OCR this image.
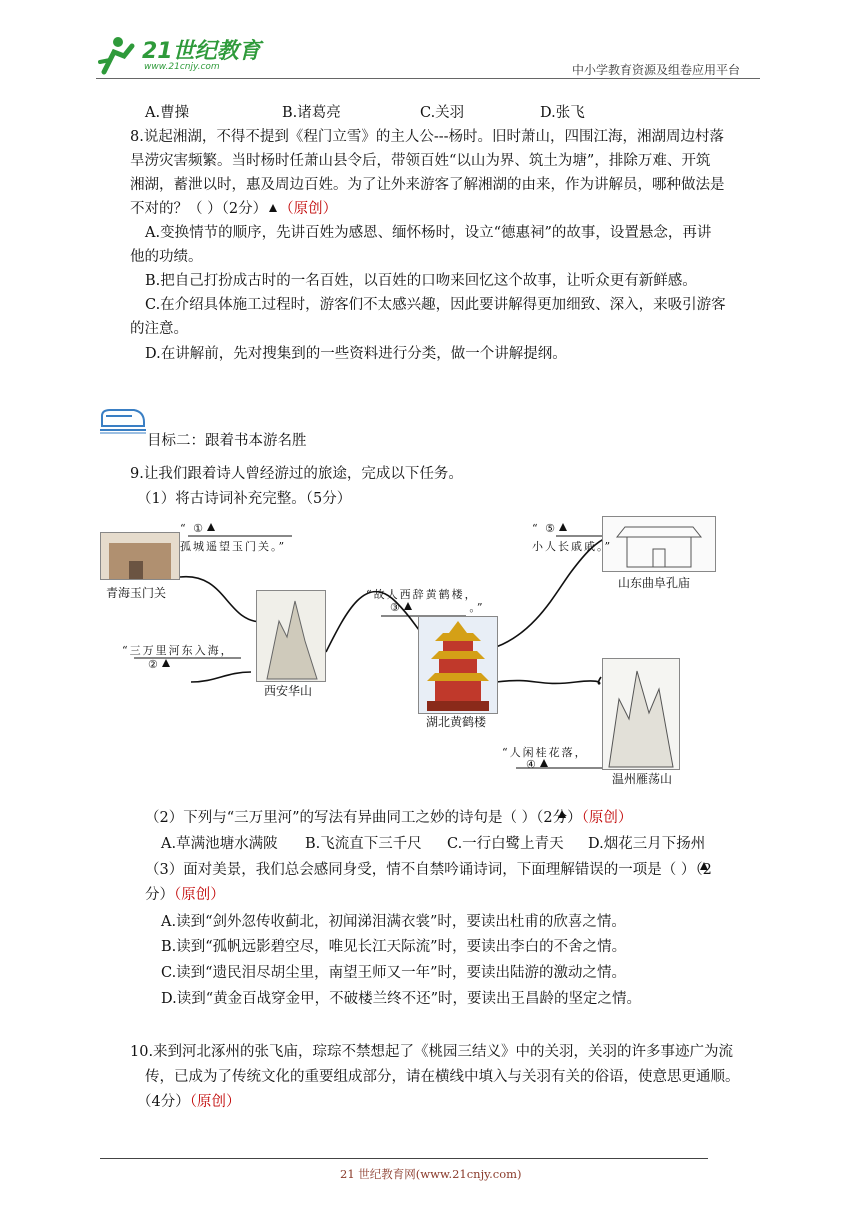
21世纪教育
www.21cnjy.com	中小学教育资源及组卷应用平台
A.曹操	B.诸葛亮	C.关羽	D.张飞
8.说起湘湖，不得不提到《程门立雪》的主人公---杨时。旧时萧山，四围江海，湘湖周边村落
旱涝灾害频繁。当时杨时任萧山县令后，带领百姓“以山为界、筑土为塘”，排除万难、开筑
湘湖，蓄泄以时，惠及周边百姓。为了让外来游客了解湘湖的由来，作为讲解员，哪种做法是
不对的？（ ）（2分） （原创）
A.变换情节的顺序，先讲百姓为感恩、缅怀杨时，设立“德惠祠”的故事，设置悬念，再讲
他的功绩。
B.把自己打扮成古时的一名百姓，以百姓的口吻来回忆这个故事，让听众更有新鲜感。
C.在介绍具体施工过程时，游客们不太感兴趣，因此要讲解得更加细致、深入，来吸引游客
的注意。
D.在讲解前，先对搜集到的一些资料进行分类，做一个讲解提纲。
目标二：跟着书本游名胜
9.让我们跟着诗人曾经游过的旅途，完成以下任务。
（1）将古诗词补充完整。（5分）
青海玉门关
“ ①
孤城遥望玉门关。”
西安华山
“三万里河东入海，
②
湖北黄鹤楼
“故人西辞黄鹤楼，
③	。”
山东曲阜孔庙
“ ⑤
小人长戚戚。”
温州雁荡山
“人闲桂花落，
④
（2）下列与“三万里河”的写法有异曲同工之妙的诗句是（ ）（2分）（原创）
A.草满池塘水满陂 B.飞流直下三千尺 C.一行白鹭上青天 D.烟花三月下扬州
（3）面对美景，我们总会感同身受，情不自禁吟诵诗词，下面理解错误的一项是（ ）（2
分）（原创）
A.读到“剑外忽传收蓟北，初闻涕泪满衣裳”时，要读出杜甫的欣喜之情。
B.读到“孤帆远影碧空尽，唯见长江天际流”时，要读出李白的不舍之情。
C.读到“遗民泪尽胡尘里，南望王师又一年”时，要读出陆游的激动之情。
D.读到“黄金百战穿金甲，不破楼兰终不还”时，要读出王昌龄的坚定之情。
10.来到河北涿州的张飞庙，琮琮不禁想起了《桃园三结义》中的关羽，关羽的许多事迹广为流
传，已成为了传统文化的重要组成部分，请在横线中填入与关羽有关的俗语，使意思更通顺。
（4分）（原创）
21 世纪教育网(www.21cnjy.com)
